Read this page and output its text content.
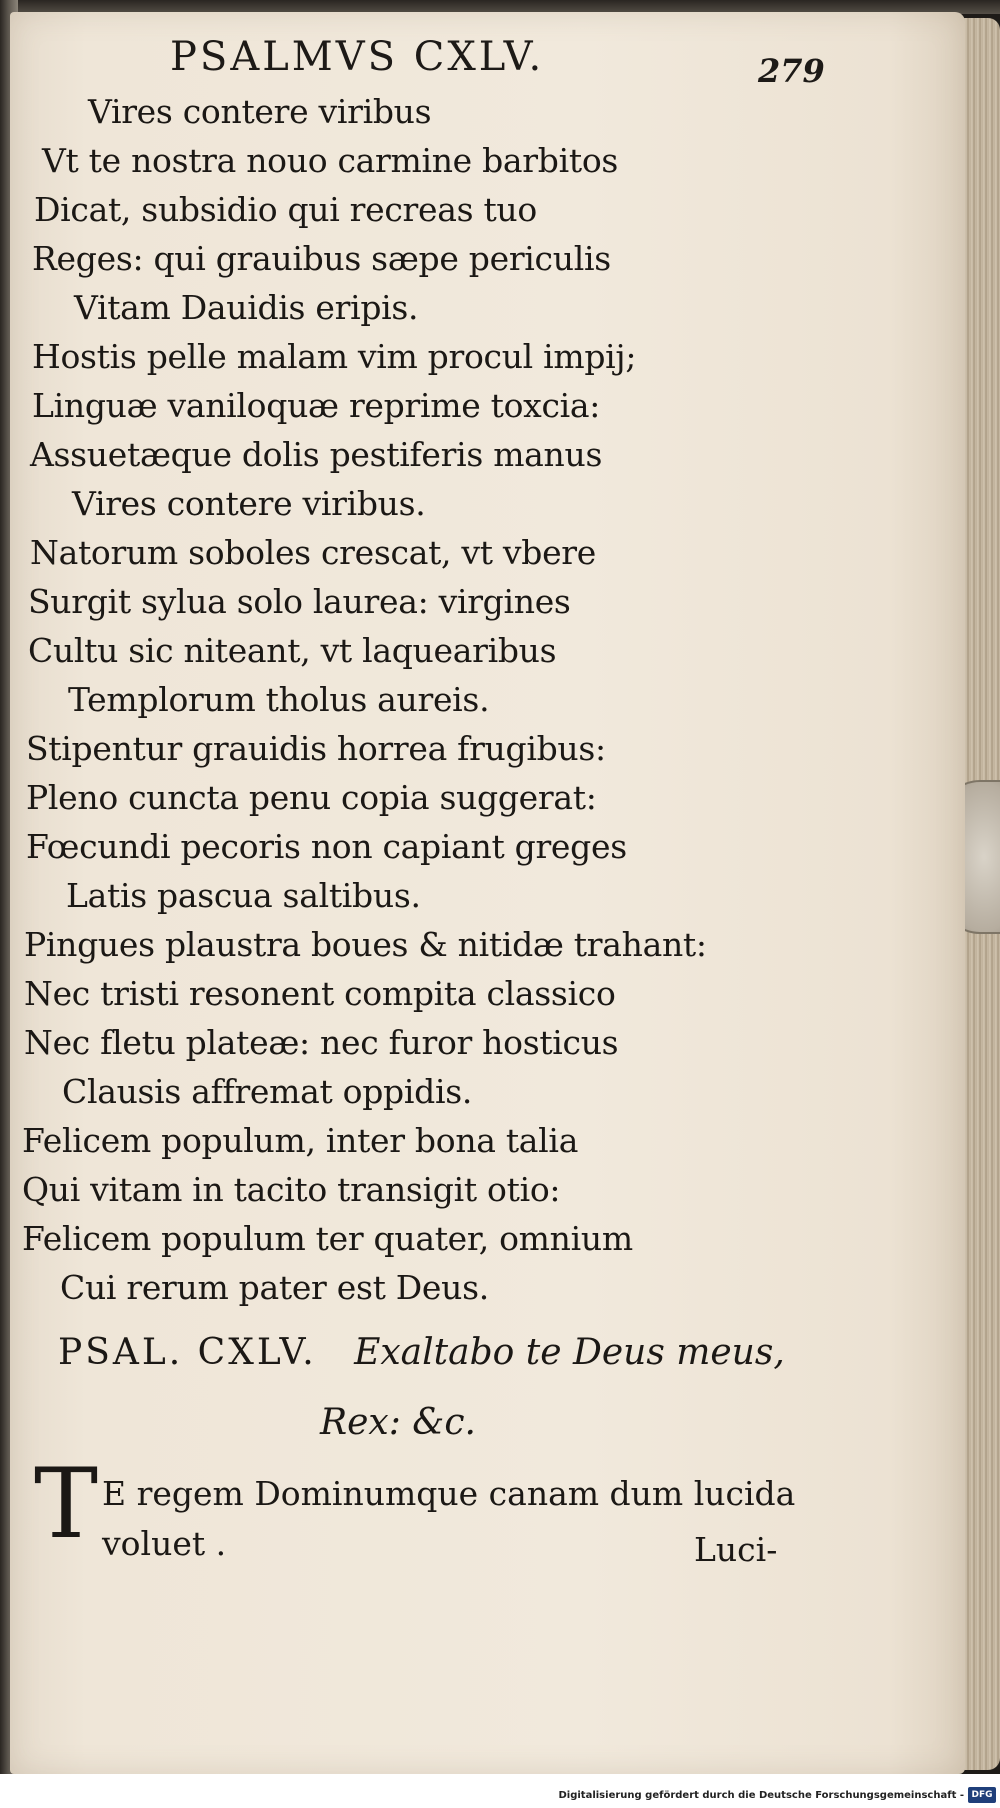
PSALMVS CXLV.	279
Vires contere viribus
Vt te nostra nouo carmine barbitos
Dicat, subsidio qui recreas tuo
Reges: qui grauibus sæpe periculis
Vitam Dauidis eripis.
Hostis pelle malam vim procul impij;
Linguæ vaniloquæ reprime toxcia:
Assuetæque dolis pestiferis manus
Vires contere viribus.
Natorum soboles crescat, vt vbere
Surgit sylua solo laurea: virgines
Cultu sic niteant, vt laquearibus
Templorum tholus aureis.
Stipentur grauidis horrea frugibus:
Pleno cuncta penu copia suggerat:
Fœcundi pecoris non capiant greges
Latis pascua saltibus.
Pingues plaustra boues & nitidæ trahant:
Nec tristi resonent compita classico
Nec fletu plateæ: nec furor hosticus
Clausis affremat oppidis.
Felicem populum, inter bona talia
Qui vitam in tacito transigit otio:
Felicem populum ter quater, omnium
Cui rerum pater est Deus.
PSAL. CXLV. Exaltabo te Deus meus,
Rex: &c.
T E regem Dominumque canam dum lucida
voluet .	Luci-
Digitalisierung gefördert durch die Deutsche Forschungsgemeinschaft - DFG
